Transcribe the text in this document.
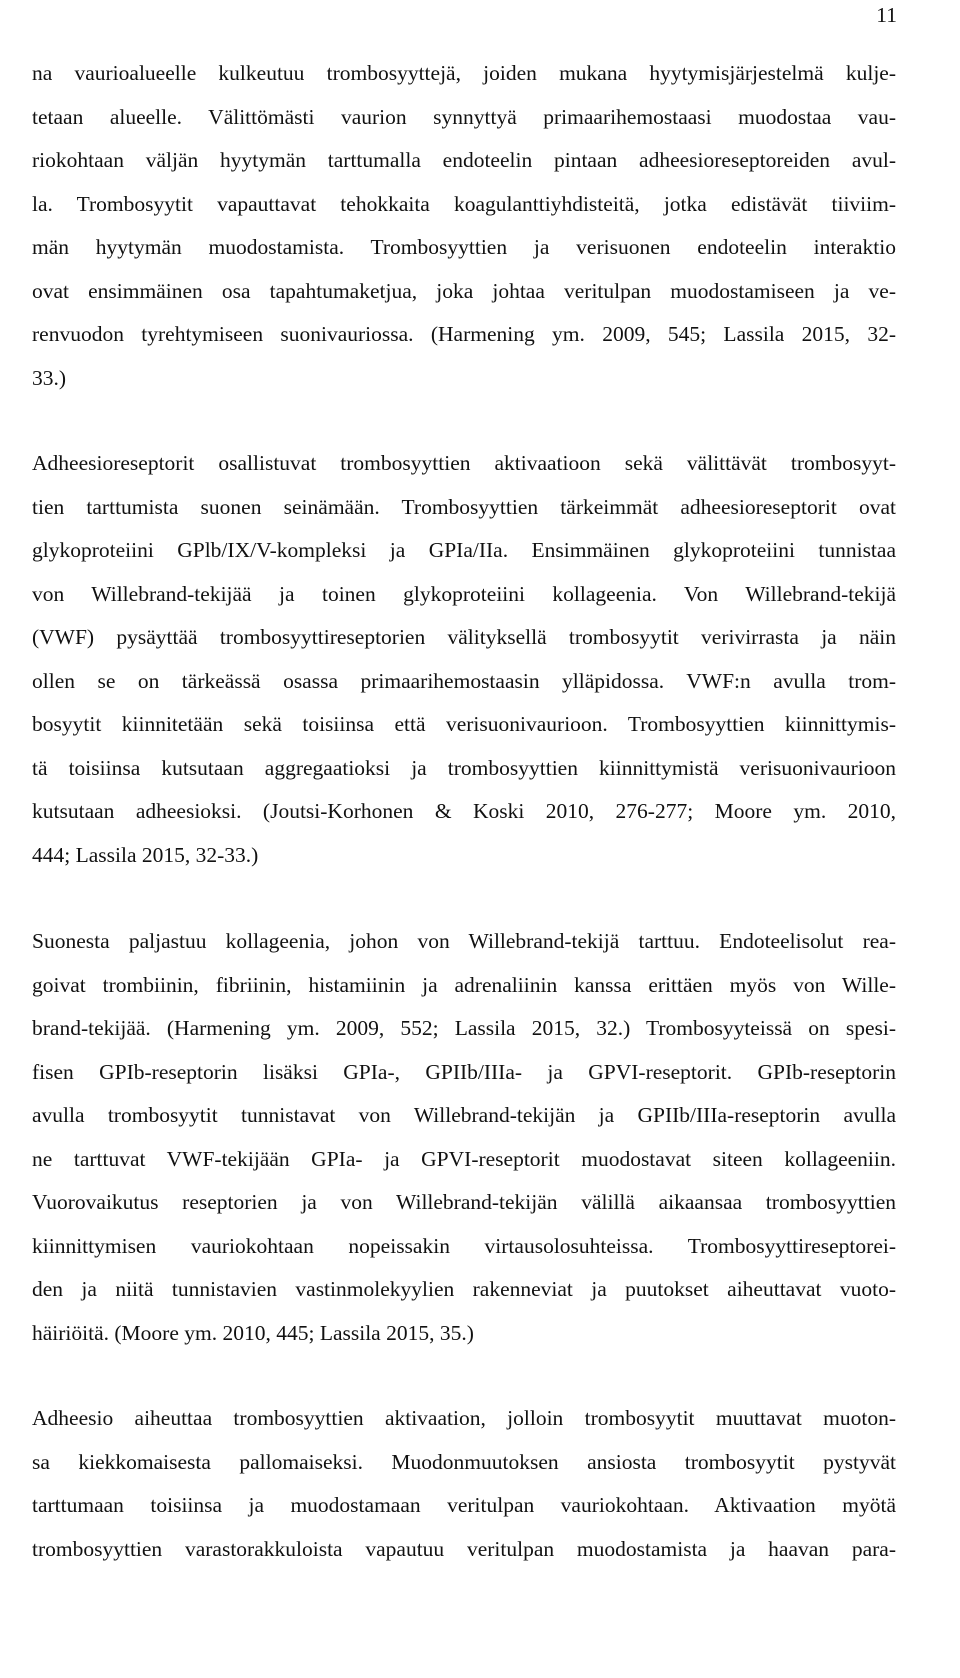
11
na vaurioalueelle kulkeutuu trombosyyttejä, joiden mukana hyytymisjärjestelmä kulje-
tetaan alueelle. Välittömästi vaurion synnyttyä primaarihemostaasi muodostaa vau-
riokohtaan väljän hyytymän tarttumalla endoteelin pintaan adheesioreseptoreiden avul-
la. Trombosyytit vapauttavat tehokkaita koagulanttiyhdisteitä, jotka edistävät tiiviim-
män hyytymän muodostamista. Trombosyyttien ja verisuonen endoteelin interaktio
ovat ensimmäinen osa tapahtumaketjua, joka johtaa veritulpan muodostamiseen ja ve-
renvuodon tyrehtymiseen suonivauriossa. (Harmening ym. 2009, 545; Lassila 2015, 32-
33.)
Adheesioreseptorit osallistuvat trombosyyttien aktivaatioon sekä välittävät trombosyyt-
tien tarttumista suonen seinämään. Trombosyyttien tärkeimmät adheesioreseptorit ovat
glykoproteiini GPlb/IX/V-kompleksi ja GPIa/IIa. Ensimmäinen glykoproteiini tunnistaa
von Willebrand-tekijää ja toinen glykoproteiini kollageenia. Von Willebrand-tekijä
(VWF) pysäyttää trombosyyttireseptorien välityksellä trombosyytit verivirrasta ja näin
ollen se on tärkeässä osassa primaarihemostaasin ylläpidossa. VWF:n avulla trom-
bosyytit kiinnitetään sekä toisiinsa että verisuonivaurioon. Trombosyyttien kiinnittymis-
tä toisiinsa kutsutaan aggregaatioksi ja trombosyyttien kiinnittymistä verisuonivaurioon
kutsutaan adheesioksi. (Joutsi-Korhonen & Koski 2010, 276-277; Moore ym. 2010,
444; Lassila 2015, 32-33.)
Suonesta paljastuu kollageenia, johon von Willebrand-tekijä tarttuu. Endoteelisolut rea-
goivat trombiinin, fibriinin, histamiinin ja adrenaliinin kanssa erittäen myös von Wille-
brand-tekijää. (Harmening ym. 2009, 552; Lassila 2015, 32.) Trombosyyteissä on spesi-
fisen GPIb-reseptorin lisäksi GPIa-, GPIIb/IIIa- ja GPVI-reseptorit. GPIb-reseptorin
avulla trombosyytit tunnistavat von Willebrand-tekijän ja GPIIb/IIIa-reseptorin avulla
ne tarttuvat VWF-tekijään GPIa- ja GPVI-reseptorit muodostavat siteen kollageeniin.
Vuorovaikutus reseptorien ja von Willebrand-tekijän välillä aikaansaa trombosyyttien
kiinnittymisen vauriokohtaan nopeissakin virtausolosuhteissa. Trombosyyttireseptorei-
den ja niitä tunnistavien vastinmolekyylien rakenneviat ja puutokset aiheuttavat vuoto-
häiriöitä. (Moore ym. 2010, 445; Lassila 2015, 35.)
Adheesio aiheuttaa trombosyyttien aktivaation, jolloin trombosyytit muuttavat muoton-
sa kiekkomaisesta pallomaiseksi. Muodonmuutoksen ansiosta trombosyytit pystyvät
tarttumaan toisiinsa ja muodostamaan veritulpan vauriokohtaan. Aktivaation myötä
trombosyyttien varastorakkuloista vapautuu veritulpan muodostamista ja haavan para-
